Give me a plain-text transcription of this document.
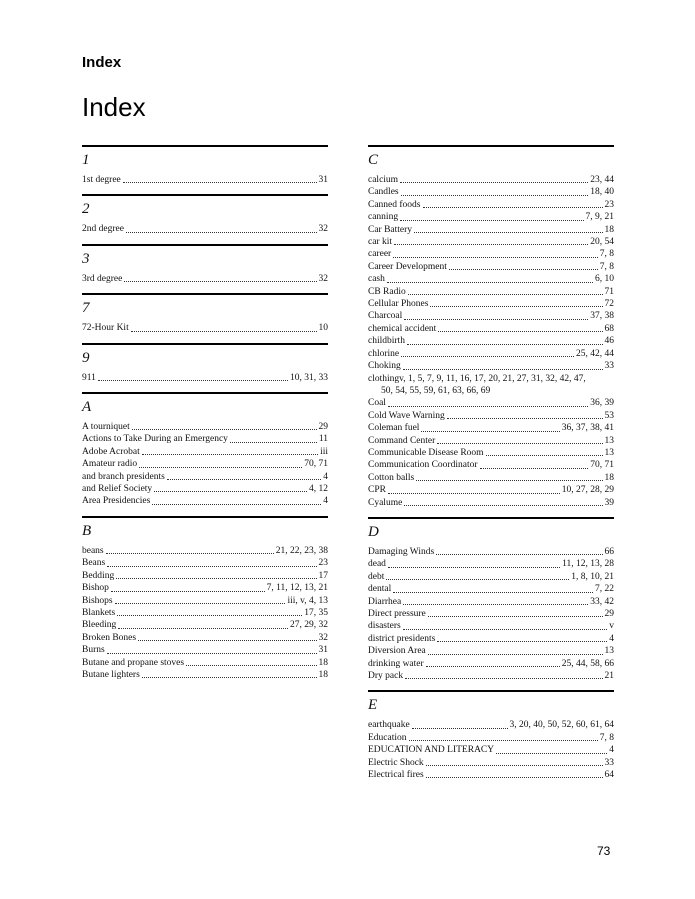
Index
Index
1
1st degree	31
2
2nd degree	32
3
3rd degree	32
7
72-Hour Kit	10
9
911	10, 31, 33
A
A tourniquet	29
Actions to Take During an Emergency	11
Adobe Acrobat	iii
Amateur radio	70, 71
and branch presidents	4
and Relief Society	4, 12
Area Presidencies	4
B
beans	21, 22, 23, 38
Beans	23
Bedding	17
Bishop	7, 11, 12, 13, 21
Bishops	iii, v, 4, 13
Blankets	17, 35
Bleeding	27, 29, 32
Broken Bones	32
Burns	31
Butane and propane stoves	18
Butane lighters	18
C
calcium	23, 44
Candles	18, 40
Canned foods	23
canning	7, 9, 21
Car Battery	18
car kit	20, 54
career	7, 8
Career Development	7, 8
cash	6, 10
CB Radio	71
Cellular Phones	72
Charcoal	37, 38
chemical accident	68
childbirth	46
chlorine	25, 42, 44
Choking	33
clothingv, 1, 5, 7, 9, 11, 16, 17, 20, 21, 27, 31, 32, 42, 47,
50, 54, 55, 59, 61, 63, 66, 69
Coal	36, 39
Cold Wave Warning	53
Coleman fuel	36, 37, 38, 41
Command Center	13
Communicable Disease Room	13
Communication Coordinator	70, 71
Cotton balls	18
CPR	10, 27, 28, 29
Cyalume	39
D
Damaging Winds	66
dead	11, 12, 13, 28
debt	1, 8, 10, 21
dental	7, 22
Diarrhea	33, 42
Direct pressure	29
disasters	v
district presidents	4
Diversion Area	13
drinking water	25, 44, 58, 66
Dry pack	21
E
earthquake	3, 20, 40, 50, 52, 60, 61, 64
Education	7, 8
EDUCATION AND LITERACY	4
Electric Shock	33
Electrical fires	64
73
